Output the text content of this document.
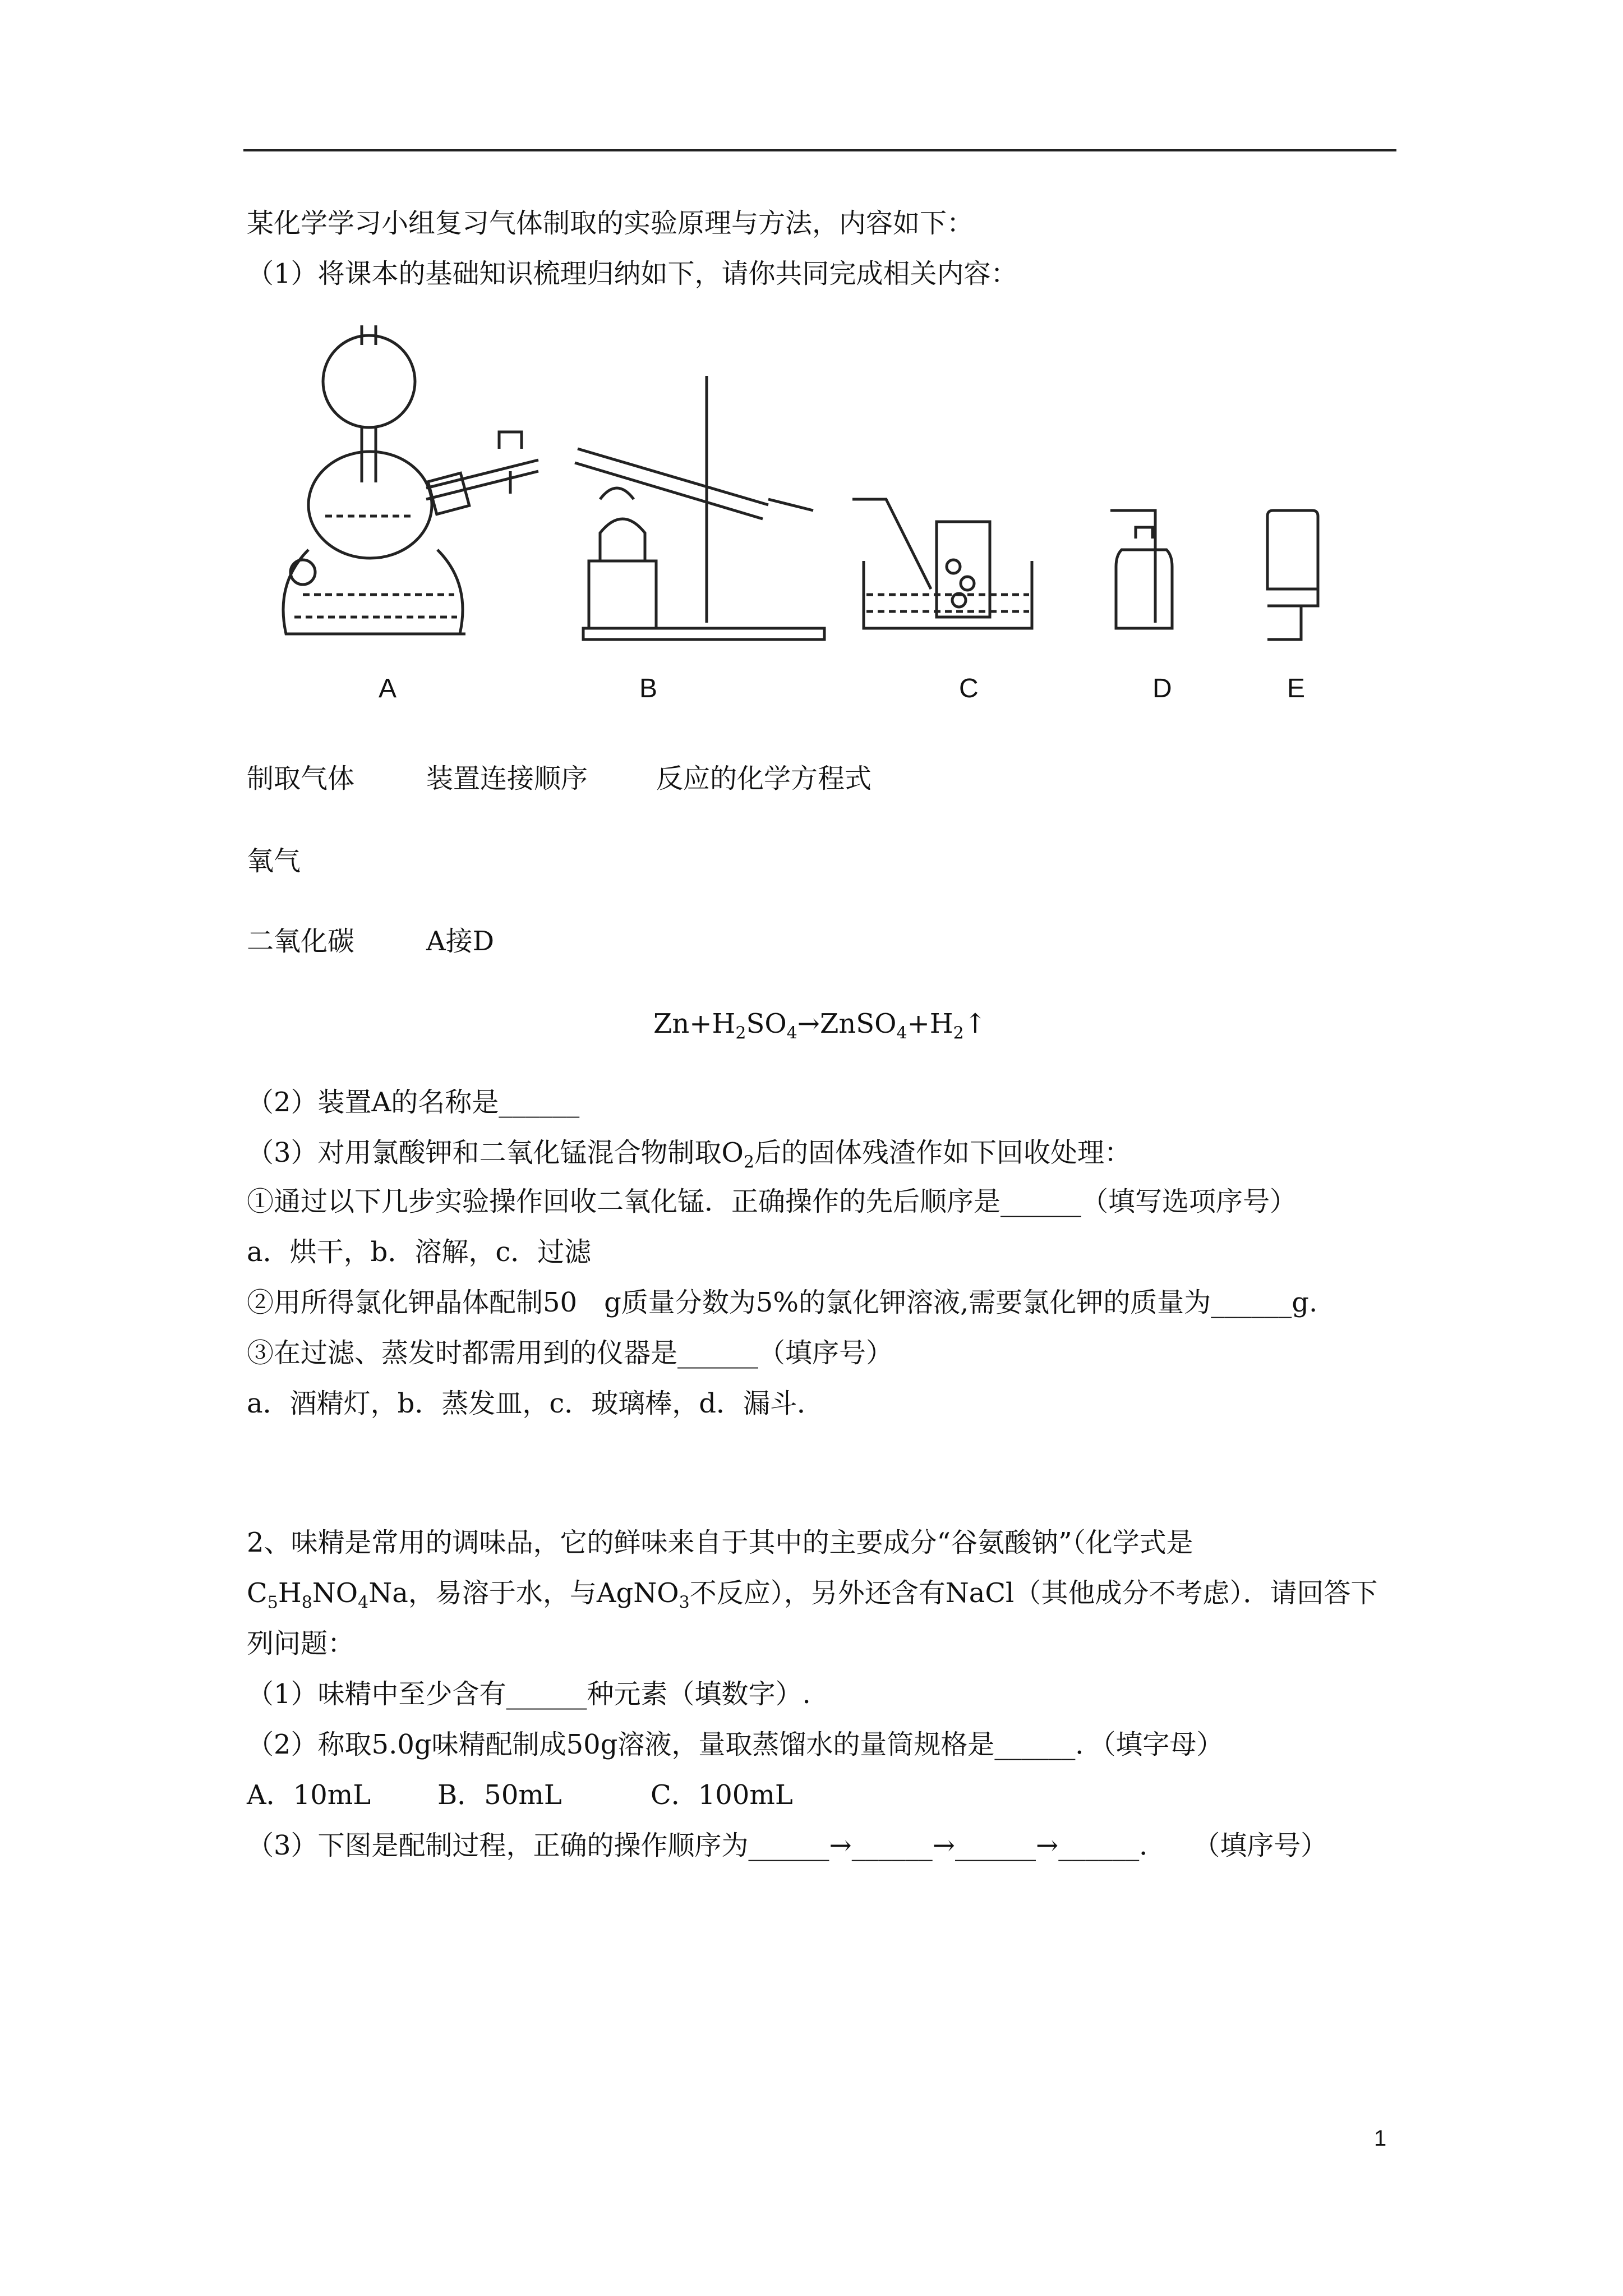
某化学学习小组复习气体制取的实验原理与方法，内容如下：
（1）将课本的基础知识梳理归纳如下，请你共同完成相关内容：
A	B	C	D	E
制取气体	装置连接顺序	反应的化学方程式
氧气
二氧化碳	A接D
$Zn+H_2SO_4\to ZnSO_4+H_2↑$
（2）装置A的名称是______
（3）对用氯酸钾和二氧化锰混合物制取$O_2$后的固体残渣作如下回收处理：
①通过以下几步实验操作回收二氧化锰．正确操作的先后顺序是______（填写选项序号）
a．烘干，b．溶解，c．过滤
②用所得氯化钾晶体配制50　g质量分数为5%的氯化钾溶液,需要氯化钾的质量为______g.
③在过滤、蒸发时都需用到的仪器是______（填序号）
a．酒精灯，b．蒸发皿，c．玻璃棒，d．漏斗．
2、味精是常用的调味品，它的鲜味来自于其中的主要成分“谷氨酸钠”（化学式是
$C_5H_8NO_4Na$，易溶于水，与AgNO$_3$不反应），另外还含有NaCl（其他成分不考虑）．请回答下
列问题：
（1）味精中至少含有______种元素（填数字）.
（2）称取5.0g味精配制成50g溶液，量取蒸馏水的量筒规格是______．（填字母）
A．10mL B．50mL	C．100mL
（3）下图是配制过程，正确的操作顺序为______→______→______→______．　　（填序号）
1
